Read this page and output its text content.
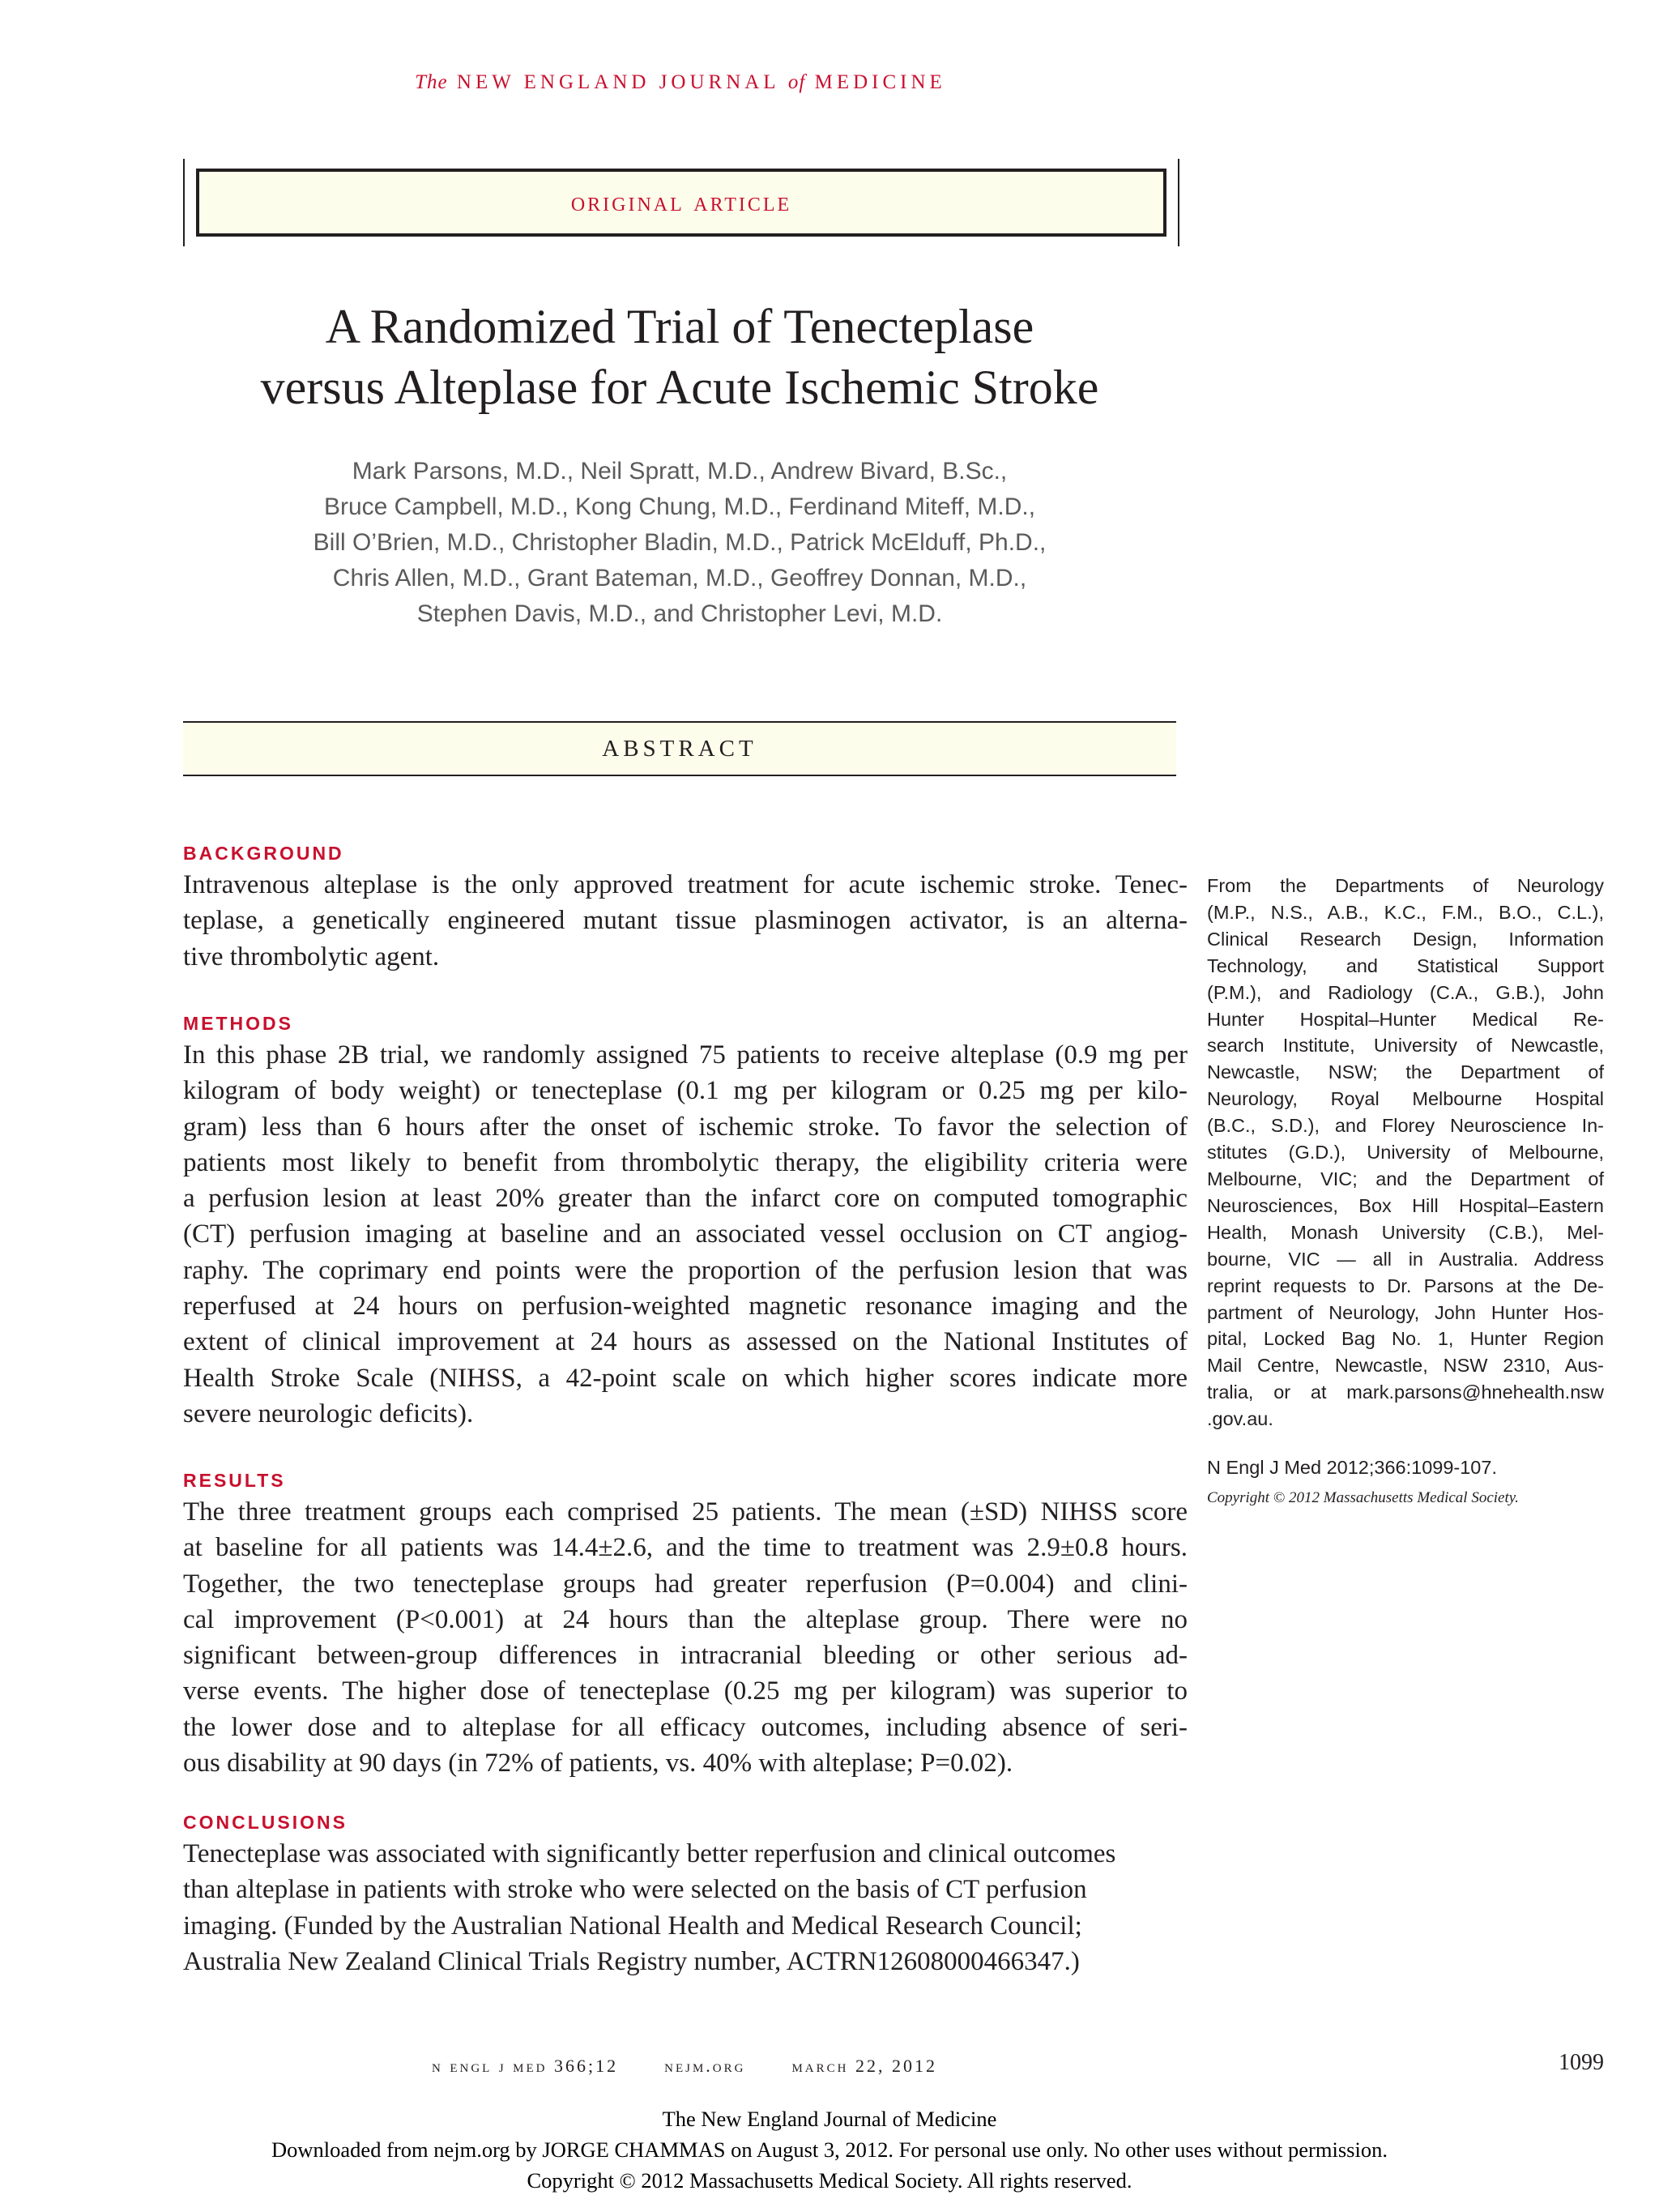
The NEW ENGLAND JOURNAL of MEDICINE
original article
A Randomized Trial of Tenecteplase
versus Alteplase for Acute Ischemic Stroke
Mark Parsons, M.D., Neil Spratt, M.D., Andrew Bivard, B.Sc.,
Bruce Campbell, M.D., Kong Chung, M.D., Ferdinand Miteff, M.D.,
Bill O’Brien, M.D., Christopher Bladin, M.D., Patrick McElduff, Ph.D.,
Chris Allen, M.D., Grant Bateman, M.D., Geoffrey Donnan, M.D.,
Stephen Davis, M.D., and Christopher Levi, M.D.
ABSTRACT
BACKGROUND
Intravenous alteplase is the only approved treatment for acute ischemic stroke. Tenec-
teplase, a genetically engineered mutant tissue plasminogen activator, is an alterna-
tive thrombolytic agent.
METHODS
In this phase 2B trial, we randomly assigned 75 patients to receive alteplase (0.9 mg per
kilogram of body weight) or tenecteplase (0.1 mg per kilogram or 0.25 mg per kilo-
gram) less than 6 hours after the onset of ischemic stroke. To favor the selection of
patients most likely to benefit from thrombolytic therapy, the eligibility criteria were
a perfusion lesion at least 20% greater than the infarct core on computed tomographic
(CT) perfusion imaging at baseline and an associated vessel occlusion on CT angiog-
raphy. The coprimary end points were the proportion of the perfusion lesion that was
reperfused at 24 hours on perfusion-weighted magnetic resonance imaging and the
extent of clinical improvement at 24 hours as assessed on the National Institutes of
Health Stroke Scale (NIHSS, a 42-point scale on which higher scores indicate more
severe neurologic deficits).
RESULTS
The three treatment groups each comprised 25 patients. The mean (±SD) NIHSS score
at baseline for all patients was 14.4±2.6, and the time to treatment was 2.9±0.8 hours.
Together, the two tenecteplase groups had greater reperfusion (P=0.004) and clini-
cal improvement (P<0.001) at 24 hours than the alteplase group. There were no
significant between-group differences in intracranial bleeding or other serious ad-
verse events. The higher dose of tenecteplase (0.25 mg per kilogram) was superior to
the lower dose and to alteplase for all efficacy outcomes, including absence of seri-
ous disability at 90 days (in 72% of patients, vs. 40% with alteplase; P=0.02).
CONCLUSIONS
Tenecteplase was associated with significantly better reperfusion and clinical outcomes
than alteplase in patients with stroke who were selected on the basis of CT perfusion
imaging. (Funded by the Australian National Health and Medical Research Council;
Australia New Zealand Clinical Trials Registry number, ACTRN12608000466347.)
From the Departments of Neurology
(M.P., N.S., A.B., K.C., F.M., B.O., C.L.),
Clinical Research Design, Information
Technology, and Statistical Support
(P.M.), and Radiology (C.A., G.B.), John
Hunter Hospital–Hunter Medical Re-
search Institute, University of Newcastle,
Newcastle, NSW; the Department of
Neurology, Royal Melbourne Hospital
(B.C., S.D.), and Florey Neuroscience In-
stitutes (G.D.), University of Melbourne,
Melbourne, VIC; and the Department of
Neurosciences, Box Hill Hospital–Eastern
Health, Monash University (C.B.), Mel-
bourne, VIC — all in Australia. Address
reprint requests to Dr. Parsons at the De-
partment of Neurology, John Hunter Hos-
pital, Locked Bag No. 1, Hunter Region
Mail Centre, Newcastle, NSW 2310, Aus-
tralia, or at mark.parsons@hnehealth.nsw
.gov.au.
N Engl J Med 2012;366:1099-107.
Copyright © 2012 Massachusetts Medical Society.
n engl j med 366;12	nejm.org	march 22, 2012	1099
The New England Journal of Medicine
Downloaded from nejm.org by JORGE CHAMMAS on August 3, 2012. For personal use only. No other uses without permission.
Copyright © 2012 Massachusetts Medical Society. All rights reserved.
